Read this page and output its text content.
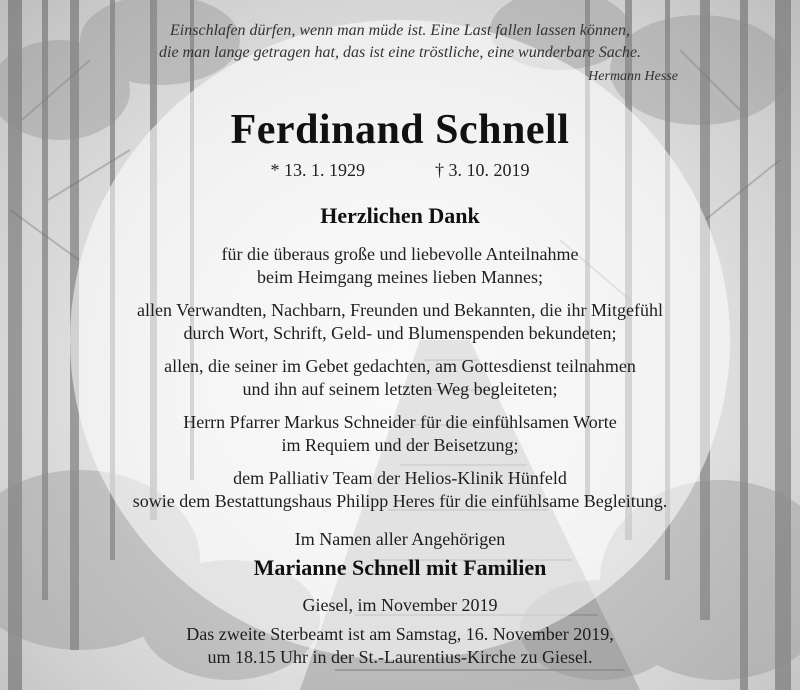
Einschlafen dürfen, wenn man müde ist. Eine Last fallen lassen können,
die man lange getragen hat, das ist eine tröstliche, eine wunderbare Sache.
Hermann Hesse
Ferdinand Schnell
* 13. 1. 1929	† 3. 10. 2019
Herzlichen Dank
für die überaus große und liebevolle Anteilnahme
beim Heimgang meines lieben Mannes;
allen Verwandten, Nachbarn, Freunden und Bekannten, die ihr Mitgefühl
durch Wort, Schrift, Geld- und Blumenspenden bekundeten;
allen, die seiner im Gebet gedachten, am Gottesdienst teilnahmen
und ihn auf seinem letzten Weg begleiteten;
Herrn Pfarrer Markus Schneider für die einfühlsamen Worte
im Requiem und der Beisetzung;
dem Palliativ Team der Helios-Klinik Hünfeld
sowie dem Bestattungshaus Philipp Heres für die einfühlsame Begleitung.
Im Namen aller Angehörigen
Marianne Schnell mit Familien
Giesel, im November 2019
Das zweite Sterbeamt ist am Samstag, 16. November 2019,
um 18.15 Uhr in der St.-Laurentius-Kirche zu Giesel.
